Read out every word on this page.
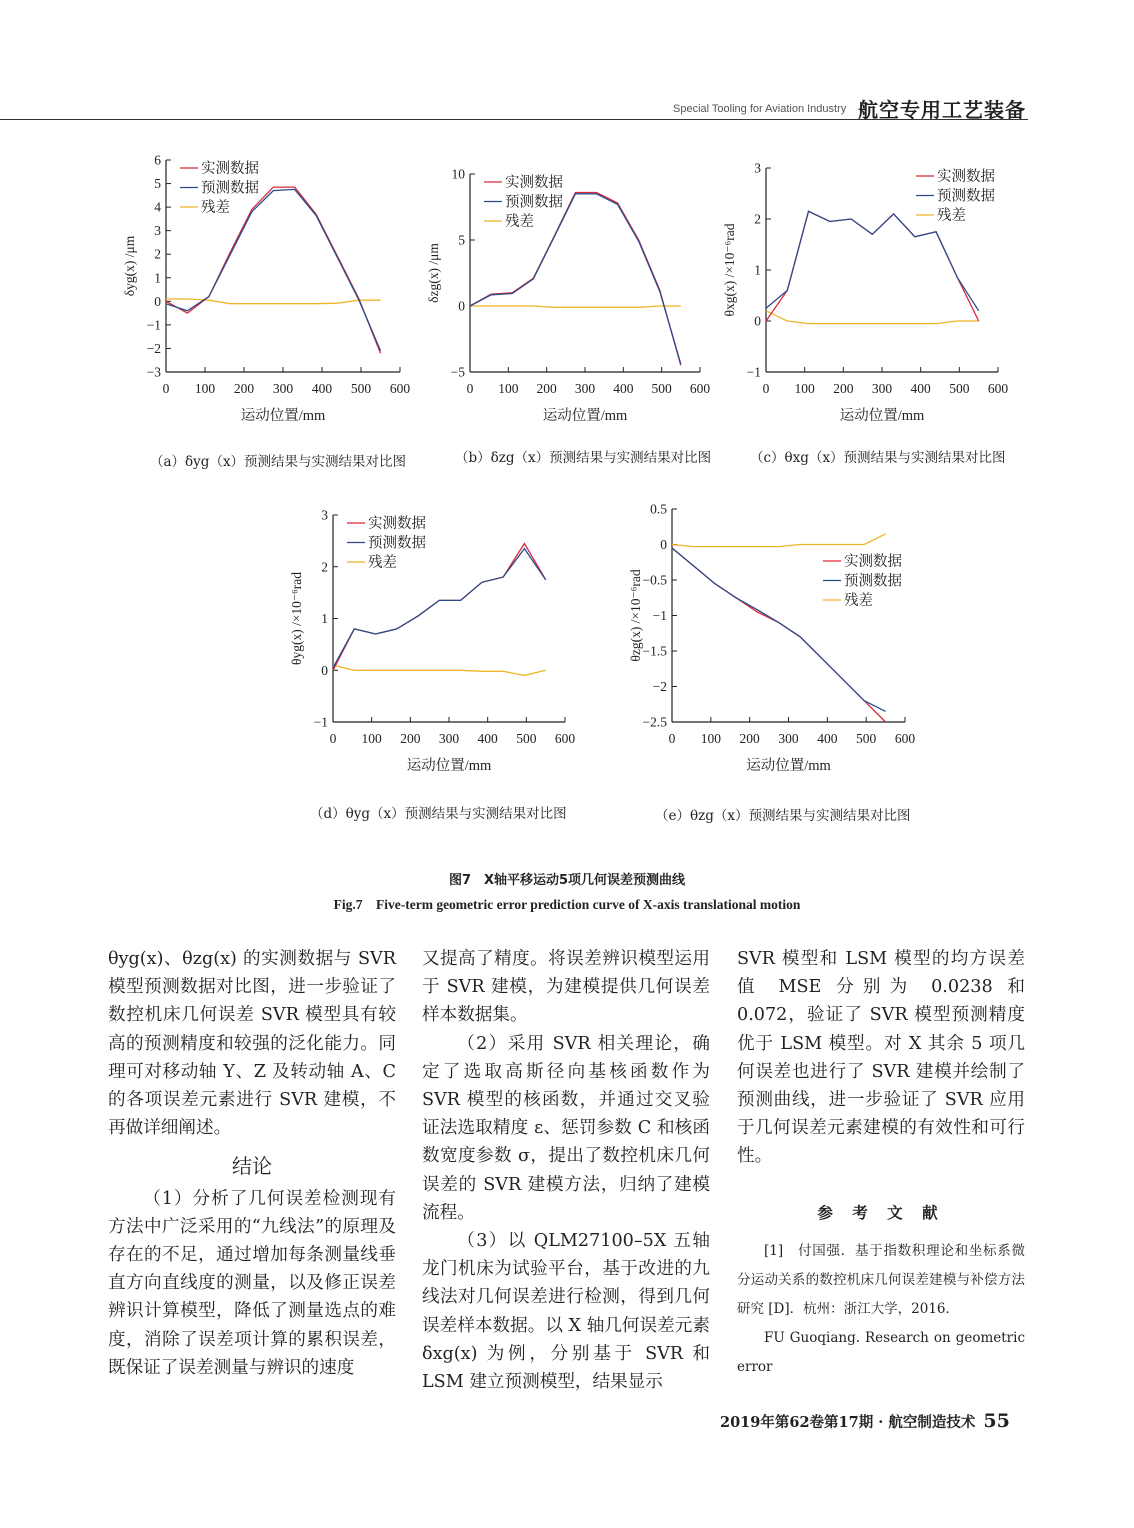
Special Tooling for Aviation Industry 航空专用工艺装备
0 100 200 300 400 500 600
−3
−2
−1
0
1
2
3
4
5
6
运动位置/mm
δyg(x) /μm
实测数据
预测数据
残差
0 100 200 300 400 500 600
−5
0
5
10
运动位置/mm
δzg(x) /μm
实测数据
预测数据
残差
0 100 200 300 400 500 600
−1
0
1
2
3
运动位置/mm
θxg(x) /×10⁻⁶rad
实测数据
预测数据
残差
0 100 200 300 400 500 600
−1
0
1
2
3
运动位置/mm
θyg(x) /×10⁻⁶rad
实测数据
预测数据
残差
0 100 200 300 400 500 600
−2.5
−2
−1.5
−1
−0.5
0
0.5
运动位置/mm
θzg(x) /×10⁻⁶rad
实测数据
预测数据
残差
（a）δyg（x）预测结果与实测结果对比图	（b）δzg（x）预测结果与实测结果对比图	（c）θxg（x）预测结果与实测结果对比图
（d）θyg（x）预测结果与实测结果对比图	（e）θzg（x）预测结果与实测结果对比图
图7　X轴平移运动5项几何误差预测曲线
Fig.7　Five-term geometric error prediction curve of X-axis translational motion

θyg(x)、θzg(x) 的实测数据与 SVR 模型预测数据对比图，进一步验证了数控机床几何误差 SVR 模型具有较高的预测精度和较强的泛化能力。同理可对移动轴 Y、Z 及转动轴 A、C 的各项误差元素进行 SVR 建模，不再做详细阐述。

结论

（1）分析了几何误差检测现有方法中广泛采用的“九线法”的原理及存在的不足，通过增加每条测量线垂直方向直线度的测量，以及修正误差辨识计算模型，降低了测量选点的难度，消除了误差项计算的累积误差，既保证了误差测量与辨识的速度

又提高了精度。将误差辨识模型运用于 SVR 建模，为建模提供几何误差样本数据集。

（2）采用 SVR 相关理论，确定了选取高斯径向基核函数作为 SVR 模型的核函数，并通过交叉验证法选取精度 ε、惩罚参数 C 和核函数宽度参数 σ，提出了数控机床几何误差的 SVR 建模方法，归纳了建模流程。

（3）以 QLM27100–5X 五轴龙门机床为试验平台，基于改进的九线法对几何误差进行检测，得到几何误差样本数据。以 X 轴几何误差元素 δxg(x) 为例，分别基于 SVR 和 LSM 建立预测模型，结果显示

SVR 模型和 LSM 模型的均方误差值 MSE 分别为 0.0238 和 0.072，验证了 SVR 模型预测精度优于 LSM 模型。对 X 其余 5 项几何误差也进行了 SVR 建模并绘制了预测曲线，进一步验证了 SVR 应用于几何误差元素建模的有效性和可行性。

参 考 文 献
[1]　付国强．基于指数积理论和坐标系微分运动关系的数控机床几何误差建模与补偿方法研究 [D]．杭州：浙江大学，2016．
FU Guoqiang. Research on geometric error
2019年第62卷第17期 · 航空制造技术 55
